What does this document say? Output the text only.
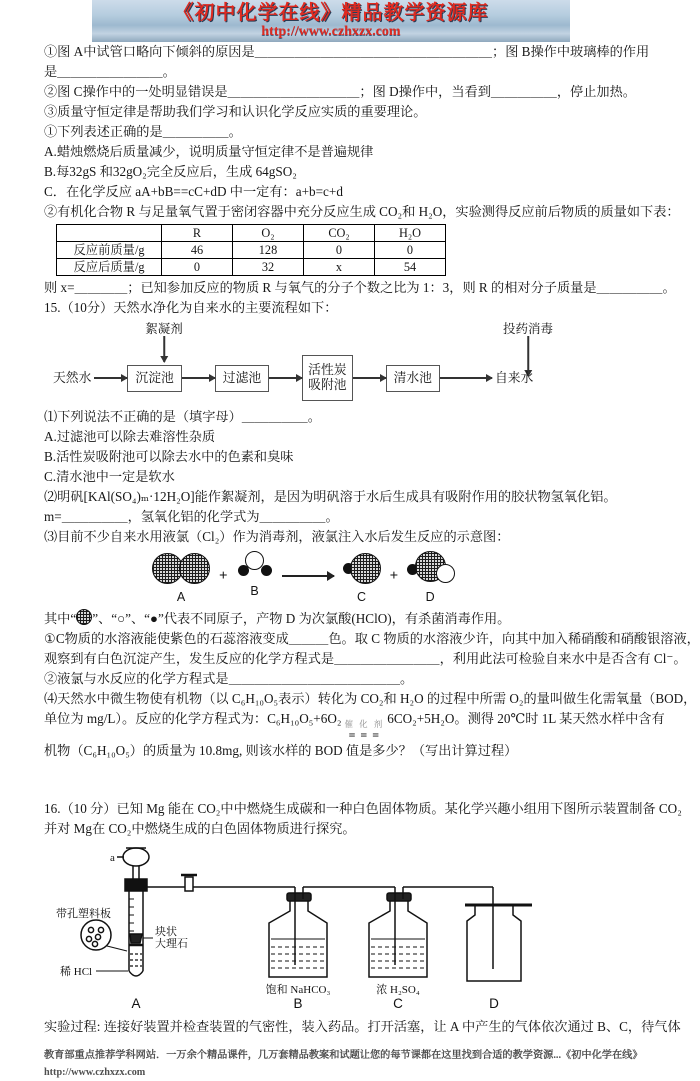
《初中化学在线》精品教学资源库
http://www.czhxzx.com
①图 A中试管口略向下倾斜的原因是＿＿＿＿＿＿＿＿＿＿＿＿＿＿＿＿＿＿；图 B操作中玻璃棒的作用
是＿＿＿＿＿＿＿＿。
②图 C操作中的一处明显错误是＿＿＿＿＿＿＿＿＿＿；图 D操作中，当看到＿＿＿＿＿，停止加热。
③质量守恒定律是帮助我们学习和认识化学反应实质的重要理论。
①下列表述正确的是＿＿＿＿＿。
A.蜡烛燃烧后质量减少，说明质量守恒定律不是普遍规律
B.每32gS 和32gO₂完全反应后，生成 64gSO₂
C．在化学反应 aA+bB==cC+dD 中一定有：a+b=c+d
②有机化合物 R 与足量氧气置于密闭容器中充分反应生成 CO₂和 H₂O，实验测得反应前后物质的质量如下表：
	R	O₂	CO₂	H₂O
反应前质量/g	46	128	0	0
反应后质量/g	0	32	x	54
则 x=＿＿＿＿；已知参加反应的物质 R 与氧气的分子个数之比为 1：3，则 R 的相对分子质量是＿＿＿＿＿。
15.（10分）天然水净化为自来水的主要流程如下：
絮凝剂	投药消毒
天然水	沉淀池	过滤池
活性炭
吸附池
清水池	自来水
⑴下列说法不正确的是（填字母）＿＿＿＿＿。
A.过滤池可以除去难溶性杂质
B.活性炭吸附池可以除去水中的色素和臭味
C.清水池中一定是软水
⑵明矾[KAl(SO₄)ₘ·12H₂O]能作絮凝剂，是因为明矾溶于水后生成具有吸附作用的胶状物氢氧化铝。
m=＿＿＿＿＿，氢氧化铝的化学式为＿＿＿＿＿。
⑶目前不少自来水用液氯（Cl₂）作为消毒剂，液氯注入水后发生反应的示意图：
A
+
B	C
+
D
其中“ ”、“○”、“●”代表不同原子，产物 D 为次氯酸(HClO)，有杀菌消毒作用。
①C物质的水溶液能使紫色的石蕊溶液变成＿＿＿色。取 C 物质的水溶液少许，向其中加入稀硝酸和硝酸银溶液，
观察到有白色沉淀产生，发生反应的化学方程式是＿＿＿＿＿＿＿＿，利用此法可检验自来水中是否含有 Cl⁻。
②液氯与水反应的化学方程式是＿＿＿＿＿＿＿＿＿＿＿＿＿。
⑷天然水中微生物使有机物（以 C₆H₁₀O₅表示）转化为 CO₂和 H₂O 的过程中所需 O₂的量叫做生化需氧量（BOD，
单位为 mg/L）。反应的化学方程式为：C₆H₁₀O₅+6O₂ 催 化 剂
= = =
6CO₂+5H₂O。测得 20℃时 1L 某天然水样中含有
机物（C₆H₁₀O₅）的质量为 10.8mg, 则该水样的 BOD 值是多少？（写出计算过程）
16.（10 分）已知 Mg 能在 CO₂中中燃烧生成碳和一种白色固体物质。某化学兴趣小组用下图所示装置制备 CO₂
并对 Mg在 CO₂中燃烧生成的白色固体物质进行探究。
a
带孔塑料板
块状
大理石
稀 HCl
饱和 NaHCO₃	浓 H₂SO₄
A	B	C	D
实验过程: 连接好装置并检查装置的气密性，装入药品。打开活塞，让 A 中产生的气体依次通过 B、C，待气体
教育部重点推荐学科网站．一万余个精品课件，几万套精品教案和试题让您的每节课都在这里找到合适的教学资源...《初中化学在线》http://www.czhxzx.com
